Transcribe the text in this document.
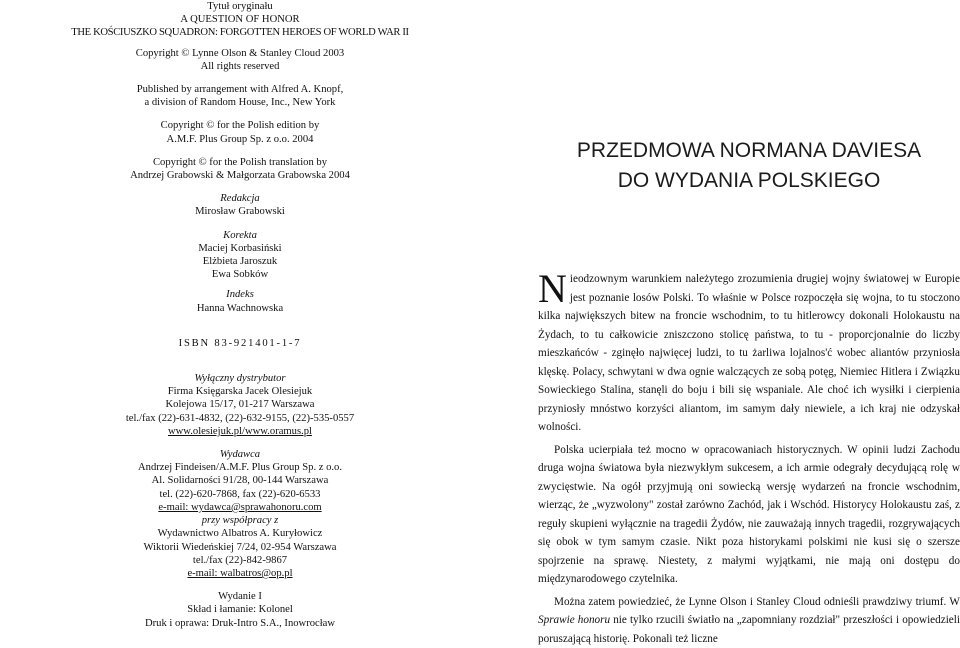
Tytuł oryginału
A QUESTION OF HONOR
THE KOŚCIUSZKO SQUADRON: FORGOTTEN HEROES OF WORLD WAR II
Copyright © Lynne Olson & Stanley Cloud 2003
All rights reserved
Published by arrangement with Alfred A. Knopf,
a division of Random House, Inc., New York
Copyright © for the Polish edition by
A.M.F. Plus Group Sp. z o.o. 2004
Copyright © for the Polish translation by
Andrzej Grabowski & Małgorzata Grabowska 2004
Redakcja
Mirosław Grabowski
Korekta
Maciej Korbasiński
Elżbieta Jaroszuk
Ewa Sobków
Indeks
Hanna Wachnowska
ISBN 83-921401-1-7
Wyłączny dystrybutor
Firma Księgarska Jacek Olesiejuk
Kolejowa 15/17, 01-217 Warszawa
tel./fax (22)-631-4832, (22)-632-9155, (22)-535-0557
www.olesiejuk.pl/www.oramus.pl
Wydawca
Andrzej Findeisen/A.M.F. Plus Group Sp. z o.o.
Al. Solidarności 91/28, 00-144 Warszawa
tel. (22)-620-7868, fax (22)-620-6533
e-mail: wydawca@sprawahonoru.com
przy współpracy z
Wydawnictwo Albatros A. Kuryłowicz
Wiktorii Wiedeńskiej 7/24, 02-954 Warszawa
tel./fax (22)-842-9867
e-mail: walbatros@op.pl
Wydanie I
Skład i łamanie: Kolonel
Druk i oprawa: Druk-Intro S.A., Inowrocław
PRZEDMOWA NORMANA DAVIESA
DO WYDANIA POLSKIEGO

Nieodzownym warunkiem należytego zrozumienia drugiej wojny światowej w Europie jest poznanie losów Polski. To właśnie w Polsce rozpoczęła się wojna, to tu stoczono kilka największych bitew na froncie wschodnim, to tu hitlerowcy dokonali Holokaustu na Żydach, to tu całkowicie zniszczono stolicę państwa, to tu - proporcjonalnie do liczby mieszkańców - zginęło najwięcej ludzi, to tu żarliwa lojalnos'ć wobec aliantów przyniosła klęskę. Polacy, schwytani w dwa ognie walczących ze sobą potęg, Niemiec Hitlera i Związku Sowieckiego Stalina, stanęli do boju i bili się wspaniale. Ale choć ich wysiłki i cierpienia przyniosły mnóstwo korzyści aliantom, im samym dały niewiele, a ich kraj nie odzyskał wolności.

Polska ucierpiała też mocno w opracowaniach historycznych. W opinii ludzi Zachodu druga wojna światowa była niezwykłym sukcesem, a ich armie odegrały decydującą rolę w zwycięstwie. Na ogół przyjmują oni sowiecką wersję wydarzeń na froncie wschodnim, wierząc, że „wyzwolony" został zarówno Zachód, jak i Wschód. Historycy Holokaustu zaś, z reguły skupieni wyłącznie na tragedii Żydów, nie zauważają innych tragedii, rozgrywających się obok w tym samym czasie. Nikt poza historykami polskimi nie kusi się o szersze spojrzenie na sprawę. Niestety, z małymi wyjątkami, nie mają oni dostępu do międzynarodowego czytelnika.

Można zatem powiedzieć, że Lynne Olson i Stanley Cloud odnieśli prawdziwy triumf. W Sprawie honoru nie tylko rzucili światło na „zapomniany rozdział" przeszłości i opowiedzieli poruszającą historię. Pokonali też liczne
